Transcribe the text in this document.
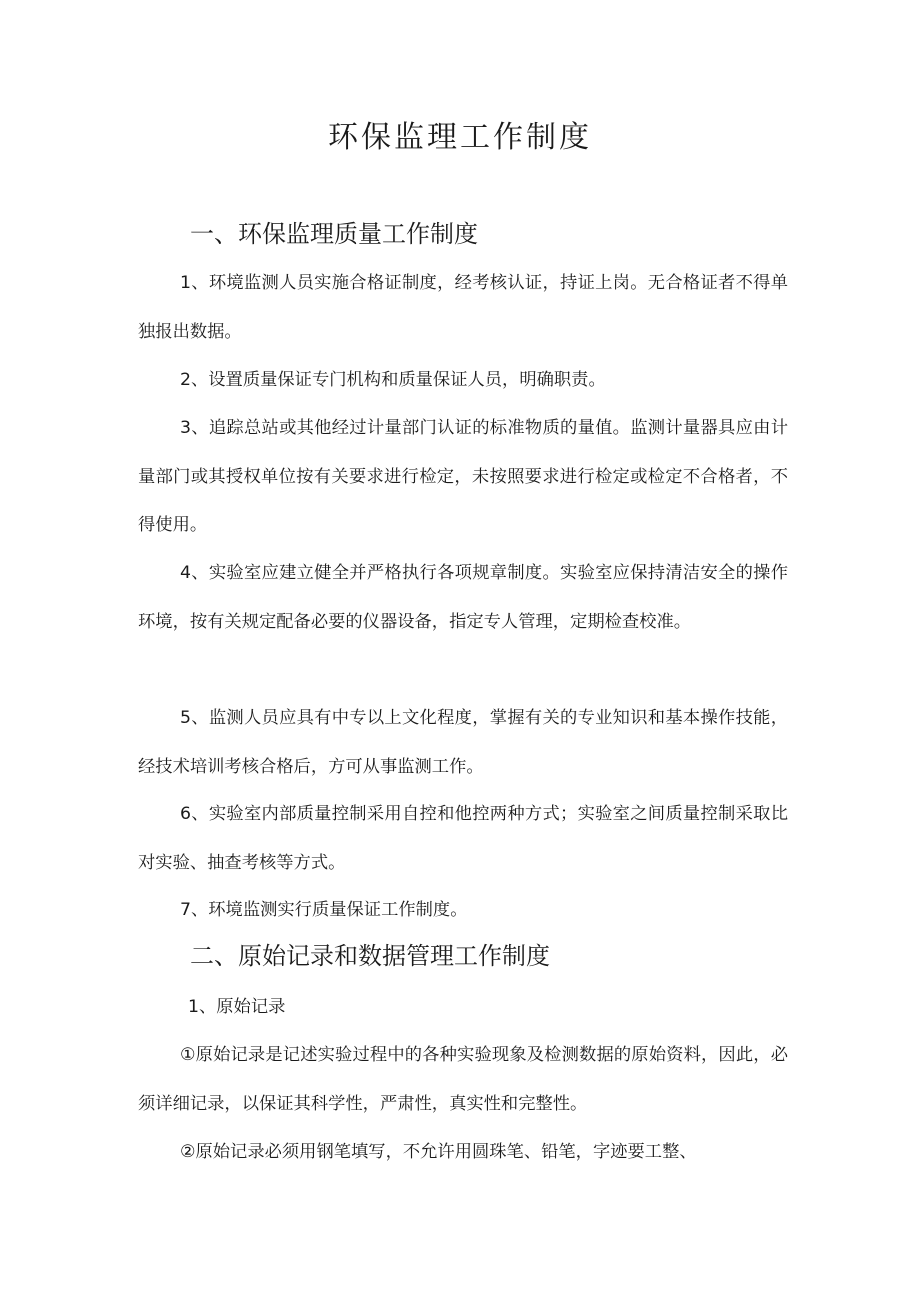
环保监理工作制度
一、环保监理质量工作制度

1、环境监测人员实施合格证制度，经考核认证，持证上岗。无合格证者不得单独报出数据。

2、设置质量保证专门机构和质量保证人员，明确职责。

3、追踪总站或其他经过计量部门认证的标准物质的量值。监测计量器具应由计量部门或其授权单位按有关要求进行检定，未按照要求进行检定或检定不合格者，不得使用。

4、实验室应建立健全并严格执行各项规章制度。实验室应保持清洁安全的操作环境，按有关规定配备必要的仪器设备，指定专人管理，定期检查校准。

5、监测人员应具有中专以上文化程度，掌握有关的专业知识和基本操作技能，经技术培训考核合格后，方可从事监测工作。

6、实验室内部质量控制采用自控和他控两种方式；实验室之间质量控制采取比对实验、抽查考核等方式。

7、环境监测实行质量保证工作制度。

二、原始记录和数据管理工作制度

1、原始记录

①原始记录是记述实验过程中的各种实验现象及检测数据的原始资料，因此，必须详细记录，以保证其科学性，严肃性，真实性和完整性。

②原始记录必须用钢笔填写，不允许用圆珠笔、铅笔，字迹要工整、
